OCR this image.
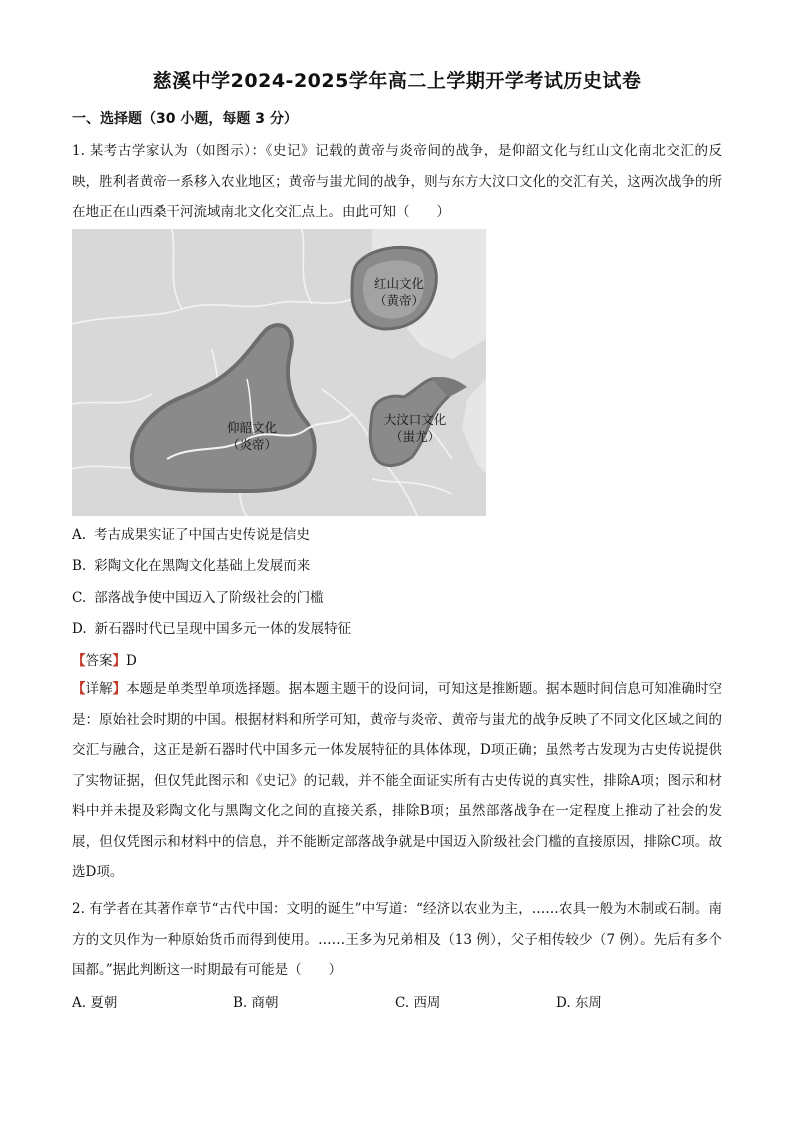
慈溪中学2024-2025学年高二上学期开学考试历史试卷
一、选择题（30 小题，每题 3 分）
1. 某考古学家认为（如图示）：《史记》记载的黄帝与炎帝间的战争，是仰韶文化与红山文化南北交汇的反映，胜利者黄帝一系移入农业地区；黄帝与蚩尤间的战争，则与东方大汶口文化的交汇有关，这两次战争的所在地正在山西桑干河流域南北文化交汇点上。由此可知（　　）
红山文化
（黄帝）
仰韶文化
（炎帝）
大汶口文化
（蚩尤）
A. 考古成果实证了中国古史传说是信史
B. 彩陶文化在黑陶文化基础上发展而来
C. 部落战争使中国迈入了阶级社会的门槛
D. 新石器时代已呈现中国多元一体的发展特征
【答案】D
【详解】本题是单类型单项选择题。据本题主题干的设问词，可知这是推断题。据本题时间信息可知准确时空是：原始社会时期的中国。根据材料和所学可知，黄帝与炎帝、黄帝与蚩尤的战争反映了不同文化区域之间的交汇与融合，这正是新石器时代中国多元一体发展特征的具体体现，D项正确；虽然考古发现为古史传说提供了实物证据，但仅凭此图示和《史记》的记载，并不能全面证实所有古史传说的真实性，排除A项；图示和材料中并未提及彩陶文化与黑陶文化之间的直接关系，排除B项；虽然部落战争在一定程度上推动了社会的发展，但仅凭图示和材料中的信息，并不能断定部落战争就是中国迈入阶级社会门槛的直接原因，排除C项。故选D项。
2. 有学者在其著作章节“古代中国：文明的诞生”中写道：“经济以农业为主，……农具一般为木制或石制。南方的文贝作为一种原始货币而得到使用。……王多为兄弟相及（13 例），父子相传较少（7 例）。先后有多个国都。”据此判断这一时期最有可能是（　　）
A. 夏朝	B. 商朝	C. 西周	D. 东周
